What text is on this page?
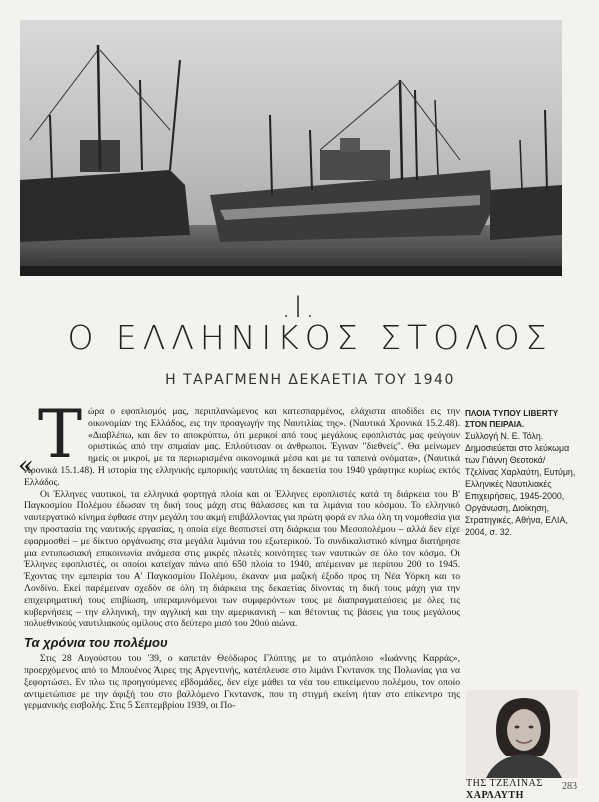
.Ι.
Ο ΕΛΛΗΝΙΚΟΣ ΣΤΟΛΟΣ
Η ΤΑΡΑΓΜΕΝΗ ΔΕΚΑΕΤΙΑ ΤΟΥ 1940

« Τ ώρα ο εφοπλισμός μας, περιπλανώμενος και κατεσπαρμένος, ελάχιστα αποδίδει εις την οικονομίαν της Ελλάδος, εις την προαγωγήν της Ναυτιλίας της». (Ναυτικά Χρονικά 15.2.48). «Διαβλέπω, και δεν το αποκρύπτω, ότι μερικοί από τους μεγάλους εφοπλιστάς μας φεύγουν οριστικώς από την σπμαίαν μας. Επλούτισαν οι άνθρωποι. Έγιναν "διεθνείς". Θα μείνωμεν ημείς οι μικροί, με τα περιωρισμένα οικονομικά μέσα και με τα ταπεινά ονόματα», (Ναυτικά Χρονικά 15.1.48). Η ιστορία της ελληνικής εμπορικής ναυτιλίας τη δεκαετία του 1940 γράφτηκε κυρίως εκτός Ελλάδος.

Οι Έλληνες ναυτικοί, τα ελληνικά φορτηγά πλοία και οι Έλληνες εφοπλιστές κατά τη διάρκεια του Β' Παγκοσμίου Πολέμου έδωσαν τη δική τους μάχη στις θάλασσες και τα λιμάνια του κόσμου. Το ελληνικό ναυτεργατικό κίνημα έφθασε στην μεγάλη του ακμή επιβάλλοντας για πρώτη φορά εν πλω όλη τη νομοθεσία για την προστασία της ναυτικής εργασίας, η οποία είχε θεσπιστεί στη διάρκεια του Μεσοπολέμου – αλλά δεν είχε εφαρμοσθεί – με δίκτυο οργάνωσης στα μεγάλα λιμάνια του εξωτερικού. Το συνδικαλιστικό κίνημα διατήρησε μια εντυπωσιακή επικοινωνία ανάμεσα στις μικρές πλωτές κοινότητες των ναυτικών σε όλο τον κόσμο. Οι Έλληνες εφοπλιστές, οι οποίοι κατείχαν πάνω από 650 πλοία το 1940, απέμειναν με περίπου 200 το 1945. Έχοντας την εμπειρία του Α' Παγκοσμίου Πολέμου, έκαναν μια μαζική έξοδο προς τη Νέα Υόρκη και το Λονδίνο. Εκεί παρέμειναν σχεδόν σε όλη τη διάρκεια της δεκαετίας δίνοντας τη δική τους μάχη για την επιχειρηματική τους επιβίωση, υπεραμυνόμενοι των συμφερόντων τους με διαπραγματεύσεις με όλες τις κυβερνήσεις – την ελληνική, την αγγλική και την αμερικανική – και θέτοντας τις βάσεις για τους μεγάλους πολυεθνικούς ναυτιλιακούς ομίλους στο δεύτερο μισό του 20ού αιώνα.

Τα χρόνια του πολέμου

Στις 28 Αυγούστου του '39, ο καπετάν Θεόδωρος Γλύπτης με το ατμόπλοιο «Ιωάννης Καρράς», προερχόμενος από το Μπουένος Άιρες της Αργεντινής, κατέπλευσε στο λιμάνι Γκντανσκ της Πολωνίας για να ξεφορτώσει. Εν πλω τις προηγούμενες εβδομάδες, δεν είχε μάθει τα νέα του επικείμενου πολέμου, τον οποίο αντιμετώπισε με την άφιξή του στο βαλλόμενο Γκντανσκ, που τη στιγμή εκείνη ήταν στο επίκεντρο της γερμανικής εισβολής. Στις 5 Σεπτεμβρίου 1939, οι Πο-

ΠΛΟΙΑ ΤΥΠΟΥ LIBERTY
ΣΤΟΝ ΠΕΙΡΑΙΑ.
Συλλογή Ν. Ε. Τόλη. Δημοσιεύεται στο λεύκωμα των Γιάννη Θεοτοκά/ Τζελίνας Χαρλαύτη, Ευτύμη, Ελληνικές Ναυτιλιακές Επιχειρήσεις, 1945-2000, Οργάνωση, Διοίκηση, Στρατηγικές, Αθήνα, ΕΛΙΑ, 2004, σ. 32.
ΤΗΣ ΤΖΕΛΙΝΑΣ
ΧΑΡΛΑΥΤΗ
283
